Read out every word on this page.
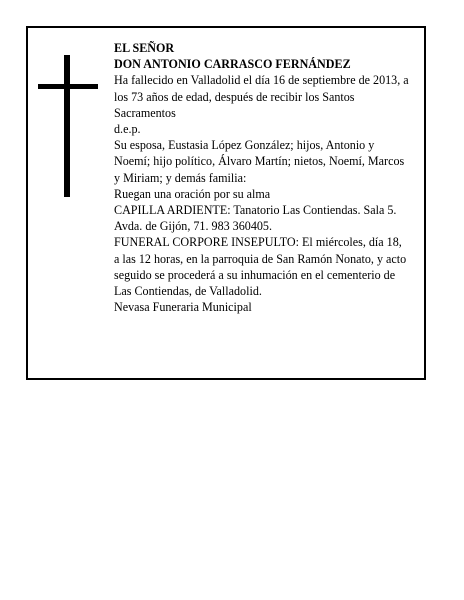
EL SEÑOR

DON ANTONIO CARRASCO FERNÁNDEZ

Ha fallecido en Valladolid el día 16 de septiembre de 2013, a los 73 años de edad, después de recibir los Santos Sacramentos

d.e.p.

Su esposa, Eustasia López González; hijos, Antonio y Noemí; hijo político, Álvaro Martín; nietos, Noemí, Marcos y Miriam; y demás familia:

Ruegan una oración por su alma

CAPILLA ARDIENTE: Tanatorio Las Contiendas. Sala 5. Avda. de Gijón, 71. 983 360405.

FUNERAL CORPORE INSEPULTO: El miércoles, día 18, a las 12 horas, en la parroquia de San Ramón Nonato, y acto seguido se procederá a su inhumación en el cementerio de Las Contiendas, de Valladolid.

Nevasa Funeraria Municipal
